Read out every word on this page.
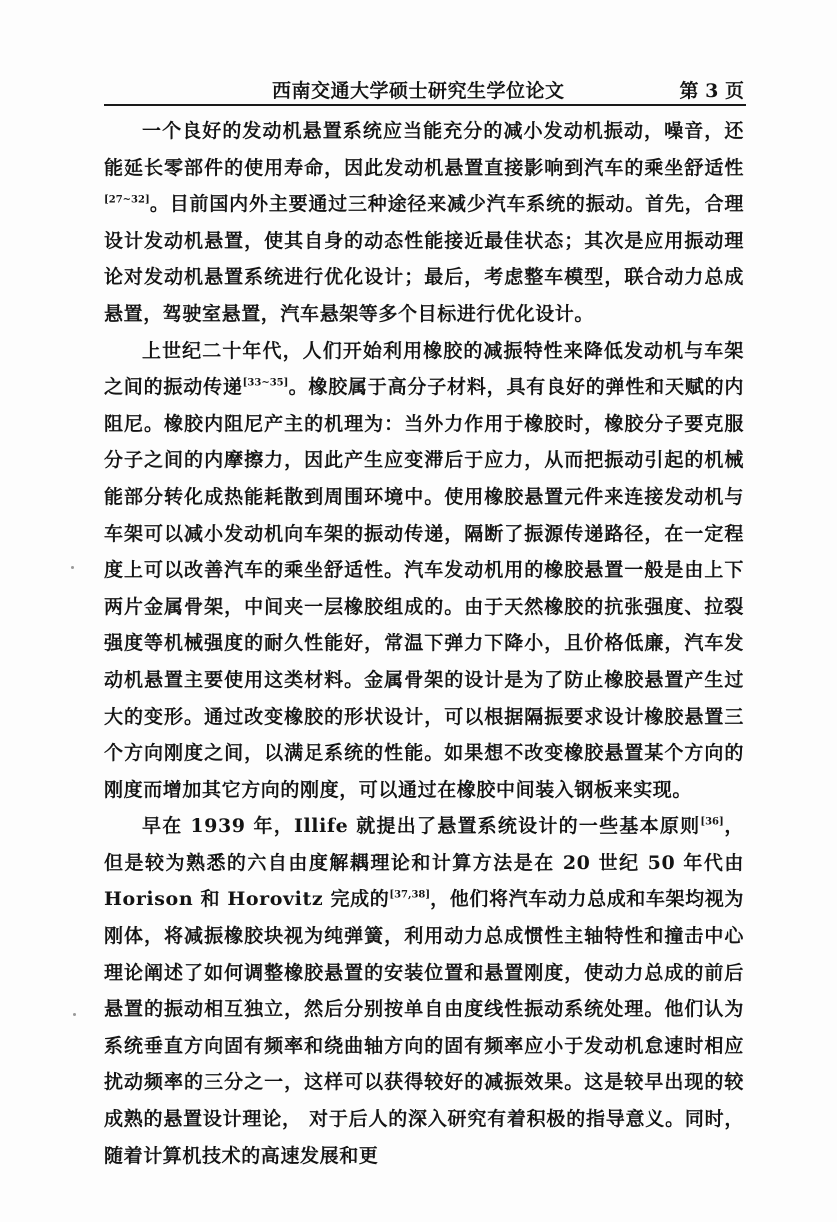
西南交通大学硕士研究生学位论文	第 3 页

一个良好的发动机悬置系统应当能充分的减小发动机振动，噪音，还能延长零部件的使用寿命，因此发动机悬置直接影响到汽车的乘坐舒适性[27~32]。目前国内外主要通过三种途径来减少汽车系统的振动。首先，合理设计发动机悬置，使其自身的动态性能接近最佳状态；其次是应用振动理论对发动机悬置系统进行优化设计；最后，考虑整车模型，联合动力总成悬置，驾驶室悬置，汽车悬架等多个目标进行优化设计。

上世纪二十年代，人们开始利用橡胶的减振特性来降低发动机与车架之间的振动传递[33~35]。橡胶属于高分子材料，具有良好的弹性和天赋的内阻尼。橡胶内阻尼产主的机理为：当外力作用于橡胶时，橡胶分子要克服分子之间的内摩擦力，因此产生应变滞后于应力，从而把振动引起的机械能部分转化成热能耗散到周围环境中。使用橡胶悬置元件来连接发动机与车架可以减小发动机向车架的振动传递，隔断了振源传递路径，在一定程度上可以改善汽车的乘坐舒适性。汽车发动机用的橡胶悬置一般是由上下两片金属骨架，中间夹一层橡胶组成的。由于天然橡胶的抗张强度、拉裂强度等机械强度的耐久性能好，常温下弹力下降小，且价格低廉，汽车发动机悬置主要使用这类材料。金属骨架的设计是为了防止橡胶悬置产生过大的变形。通过改变橡胶的形状设计，可以根据隔振要求设计橡胶悬置三个方向刚度之间，以满足系统的性能。如果想不改变橡胶悬置某个方向的刚度而增加其它方向的刚度，可以通过在橡胶中间装入钢板来实现。

早在 1939 年，Illife 就提出了悬置系统设计的一些基本原则[36]，但是较为熟悉的六自由度解耦理论和计算方法是在 20 世纪 50 年代由 Horison 和 Horovitz 完成的[37,38]，他们将汽车动力总成和车架均视为刚体，将减振橡胶块视为纯弹簧，利用动力总成惯性主轴特性和撞击中心理论阐述了如何调整橡胶悬置的安装位置和悬置刚度，使动力总成的前后悬置的振动相互独立，然后分别按单自由度线性振动系统处理。他们认为系统垂直方向固有频率和绕曲轴方向的固有频率应小于发动机怠速时相应扰动频率的三分之一，这样可以获得较好的减振效果。这是较早出现的较成熟的悬置设计理论， 对于后人的深入研究有着积极的指导意义。同时，随着计算机技术的高速发展和更
